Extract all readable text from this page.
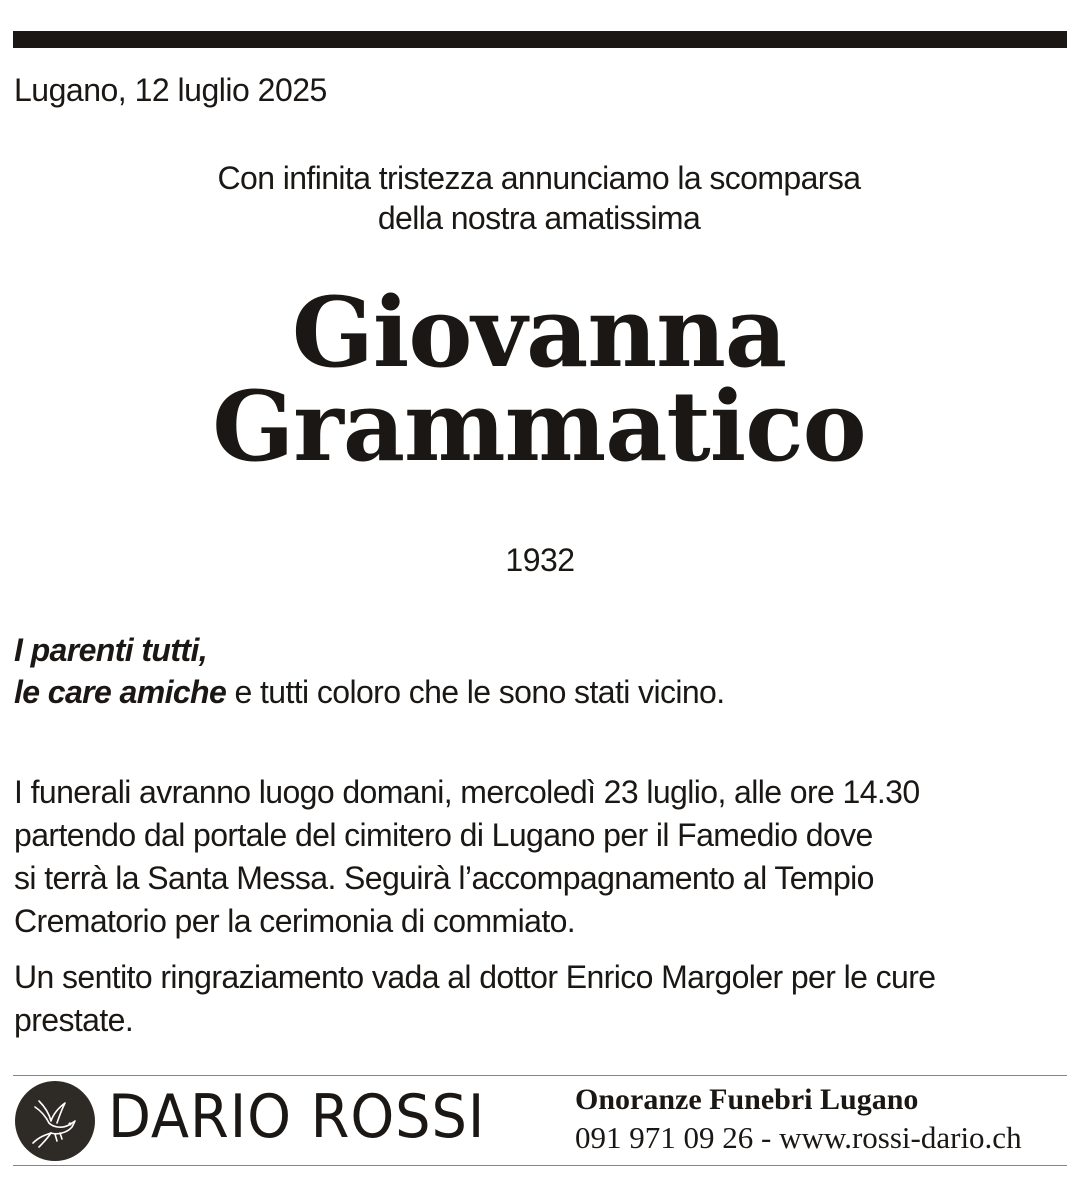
Lugano, 12 luglio 2025
Con infinita tristezza annunciamo la scomparsa
della nostra amatissima
Giovanna
Grammatico
1932
I parenti tutti,
le care amiche e tutti coloro che le sono stati vicino.
I funerali avranno luogo domani, mercoledì 23 luglio, alle ore 14.30
partendo dal portale del cimitero di Lugano per il Famedio dove
si terrà la Santa Messa. Seguirà l’accompagnamento al Tempio
Crematorio per la cerimonia di commiato.
Un sentito ringraziamento vada al dottor Enrico Margoler per le cure
prestate.
DARIO ROSSI	Onoranze Funebri Lugano
091 971 09 26 - www.rossi-dario.ch
